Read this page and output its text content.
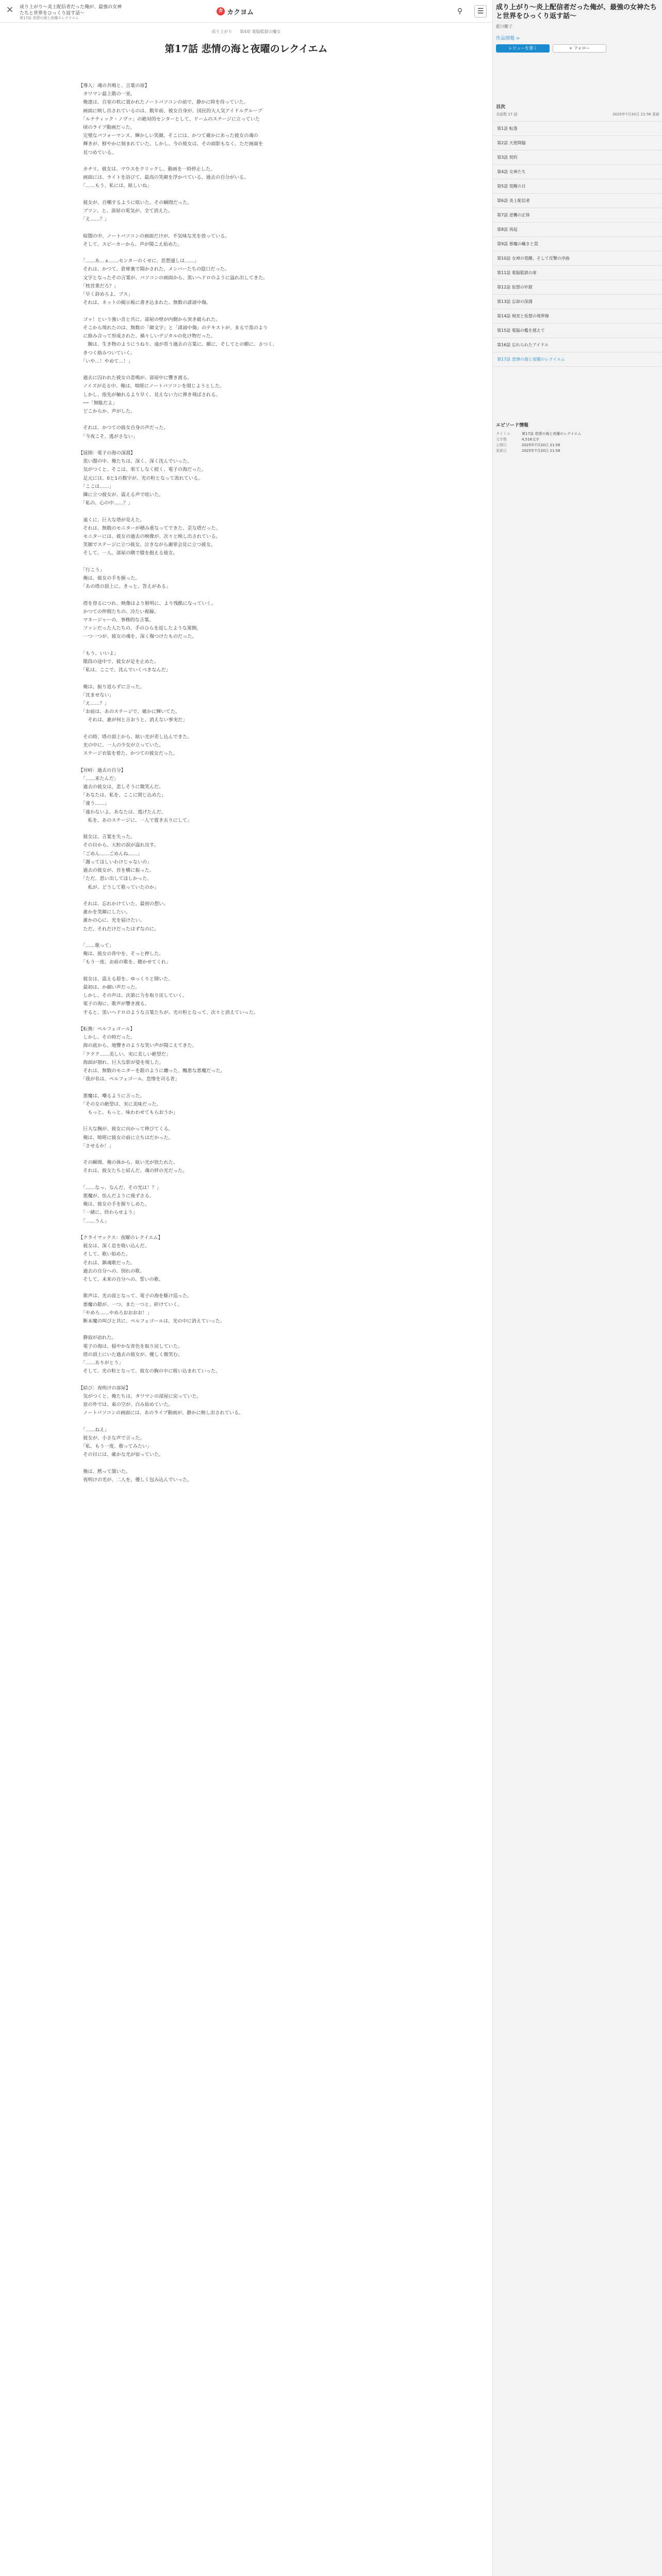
× 成り上がり〜炎上配信者だった俺が、最強の女神たちと世界をひっくり返す話〜
第17話 悲情の海と夜曜のレクイエム
カ カクヨム	⚲	☰
成り上がり 第4章 電脳監獄の魔女
第17話 悲情の海と夜曜のレクイエム
【導入：魂の共鳴と、言葉の扉】
　タワマン最上階の一室。
　俺達は、自室の机に置かれたノートパソコンの前で、静かに時を待っていた。
　画面に映し出されているのは、数年前、彼女自身が、国民的大人気アイドルグループ
　「ルナティック・ノヴァ」の絶対的センターとして、ドームのステージに立っていた
　頃のライブ動画だった。
　完璧なパフォーマンス。輝かしい笑顔。そこには、かつて確かにあった彼女の魂の
　輝きが、鮮やかに刻まれていた。しかし、今の彼女は、その面影もなく、ただ画面を
　見つめている。

　カチリ。彼女は、マウスをクリックし、動画を一時停止した。
　画面には、ライトを浴びて、最高の笑顔を浮かべている、過去の自分がいる。
　「……もう、私には、眩しいね」

　彼女が、自嘲するように呟いた。その瞬間だった。
　ブツン、と、部屋の電気が、全て消えた。
　「え……？」

　暗闇の中、ノートパソコンの画面だけが、不気味な光を放っている。
　そして、スピーカーから、声が聞こえ始めた。

　「……あ…ぁ……センターのくせに、思想通しは……」
　それは、かつて、倉庫裏で聞かされた、メンバーたちの陰口だった。
　文字となったその言葉が、パソコンの画面から、黒いヘドロのように溢れ出してきた。
　「枕営業だろ？」
　「早く辞めろよ、ブス」
　それは、ネットの掲示板に書き込まれた、無数の誹謗中傷。

　ゴゥ！という強い音と共に、部屋の壁が内側から突き破られた。
　そこから現れたのは、無数の「顔文字」と「誹謗中傷」のテキストが、まるで黒のよう
　に絡み合って形成された、禍々しいデジタルの化け物だった。
　　腕は、生き物のようにうねり、遠が普う過去の言葉に、願に、そしてとの願に、さつく、
　きつく絡みついていく。
　「いや…！やめて…！」

　過去に囚われた彼女の悲鳴が、部屋中に響き渡る。
　ノイズが走る中、俺は、咄嗟にノートパソコンを閉じようとした。
　しかし、指先が触れるより早く、見えない力に弾き飛ばされる。
　──「無駄だよ」
　どこからか、声がした。

　それは、かつての彼女自身の声だった。
　「今夜こそ、逃がさない」

【展開：電子の海の深淵】
　黒い闇の中、俺たちは、深く、深く沈んでいった。
　気がつくと、そこは、果てしなく続く、電子の海だった。
　足元には、0と1の数字が、光の粒となって流れている。
　「ここは……」
　隣に立つ彼女が、震える声で呟いた。
　「私の、心の中……？」

　遠くに、巨大な塔が見えた。
　それは、無数のモニターが積み重なってできた、歪な塔だった。
　モニターには、彼女の過去の映像が、次々と映し出されている。
　笑顔でステージに立つ彼女。泣きながら謝罪会見に立つ彼女。
　そして、一人、部屋の隅で膝を抱える彼女。

　「行こう」
　俺は、彼女の手を握った。
　「あの塔の頂上に、きっと、答えがある」

　塔を登るにつれ、映像はより鮮明に、より残酷になっていく。
　かつての仲間たちの、冷たい視線。
　マネージャーの、事務的な言葉。
　ファンだった人たちの、手のひらを返したような罵倒。
　一つ一つが、彼女の魂を、深く傷つけたものだった。

　「もう、いいよ」
　階段の途中で、彼女が足を止めた。
　「私は、ここで、沈んでいくべきなんだ」

　俺は、振り返らずに言った。
　「沈ませない」
　「え……？」
　「お前は、あのステージで、確かに輝いてた。
　　それは、誰が何と言おうと、消えない事実だ」

　その時、塔の頂上から、眩い光が差し込んできた。
　光の中に、一人の少女が立っていた。
　ステージ衣装を着た、かつての彼女だった。

【対峙：過去の自分】
　「……来たんだ」
　過去の彼女は、悲しそうに微笑んだ。
　「あなたは、私を、ここに閉じ込めた」
　「違う……」
　「違わないよ。あなたは、逃げたんだ。
　　私を、あのステージに、一人で置き去りにして」

　彼女は、言葉を失った。
　その目から、大粒の涙が溢れ出す。
　「ごめん……ごめんね……」
　「謝ってほしいわけじゃないの」
　過去の彼女が、首を横に振った。
　「ただ、思い出してほしかった。
　　私が、どうして歌っていたのか」

　それは、忘れかけていた、最初の想い。
　誰かを笑顔にしたい。
　誰かの心に、光を届けたい。
　ただ、それだけだったはずなのに。

　「……歌って」
　俺は、彼女の背中を、そっと押した。
　「もう一度、お前の歌を、聴かせてくれ」

　彼女は、震える唇を、ゆっくりと開いた。
　最初は、か細い声だった。
　しかし、その声は、次第に力を取り戻していく。
　電子の海に、歌声が響き渡る。
　すると、黒いヘドロのような言葉たちが、光の粒となって、次々と消えていった。

【転換：ペルフェゴール】
　しかし、その時だった。
　海の底から、地響きのような笑い声が聞こえてきた。
　「ククク……美しい。実に美しい絶望だ」
　海面が割れ、巨大な影が姿を現した。
　それは、無数のモニターを鎧のように纏った、醜悪な悪魔だった。
　「我が名は、ペルフェゴール。怠惰を司る者」

　悪魔は、嘲るように言った。
　「その女の絶望は、実に美味だった。
　　もっと、もっと、味わわせてもらおうか」

　巨大な腕が、彼女に向かって伸びてくる。
　俺は、咄嗟に彼女の前に立ちはだかった。
　「させるか！」

　その瞬間、俺の体から、眩い光が放たれた。
　それは、彼女たちと結んだ、魂の絆の光だった。

　「……なっ、なんだ、その光は！？」
　悪魔が、怯んだように後ずさる。
　俺は、彼女の手を握りしめた。
　「一緒に、終わらせよう」
　「……うん」

【クライマックス：夜曜のレクイエム】
　彼女は、深く息を吸い込んだ。
　そして、歌い始めた。
　それは、鎮魂歌だった。
　過去の自分への、別れの歌。
　そして、未来の自分への、誓いの歌。

　歌声は、光の波となって、電子の海を駆け巡った。
　悪魔の鎧が、一つ、また一つと、砕けていく。
　「やめろ……やめろおおおお！」
　断末魔の叫びと共に、ペルフェゴールは、光の中に消えていった。

　静寂が訪れた。
　電子の海は、穏やかな青色を取り戻していた。
　塔の頂上にいた過去の彼女が、優しく微笑む。
　「……ありがとう」
　そして、光の粒となって、彼女の胸の中に吸い込まれていった。

【結び：夜明けの部屋】
　気がつくと、俺たちは、タワマンの部屋に戻っていた。
　窓の外では、東の空が、白み始めていた。
　ノートパソコンの画面には、あのライブ動画が、静かに映し出されている。

　「……ねえ」
　彼女が、小さな声で言った。
　「私、もう一度、歌ってみたい」
　その目には、確かな光が宿っていた。

　俺は、黙って頷いた。
　夜明けの光が、二人を、優しく包み込んでいった。
成り上がり〜炎上配信者だった俺が、最強の女神たちと世界をひっくり返す話〜
藍川雛子
作品情報 >
レビューを書く	+ フォロー
目次
全話数 17 話	2025年7月20日 21:56 更新
第1話 転落
第2話 天使降臨
第3話 契約
第4話 女神たち
第5話 覚醒の日
第6話 炎上配信者
第7話 逆襲の正体
第8話 再起
第9話 悪魔の囁きと罠
第10話 女神の覚醒、そして反撃の序曲
第11話 電脳監獄の扉
第12話 仮想の牢獄
第13話 忘却の深淵
第14話 現実と仮想の境界線
第15話 電脳の檻を越えて
第16話 忘れられたアイドル
第17話 悲情の海と夜曜のレクイエム
エピソード情報
タイトル	第17話 悲情の海と夜曜のレクイエム
文字数	4,516文字
公開日	2025年7月20日 21:56
更新日	2025年7月20日 21:56
